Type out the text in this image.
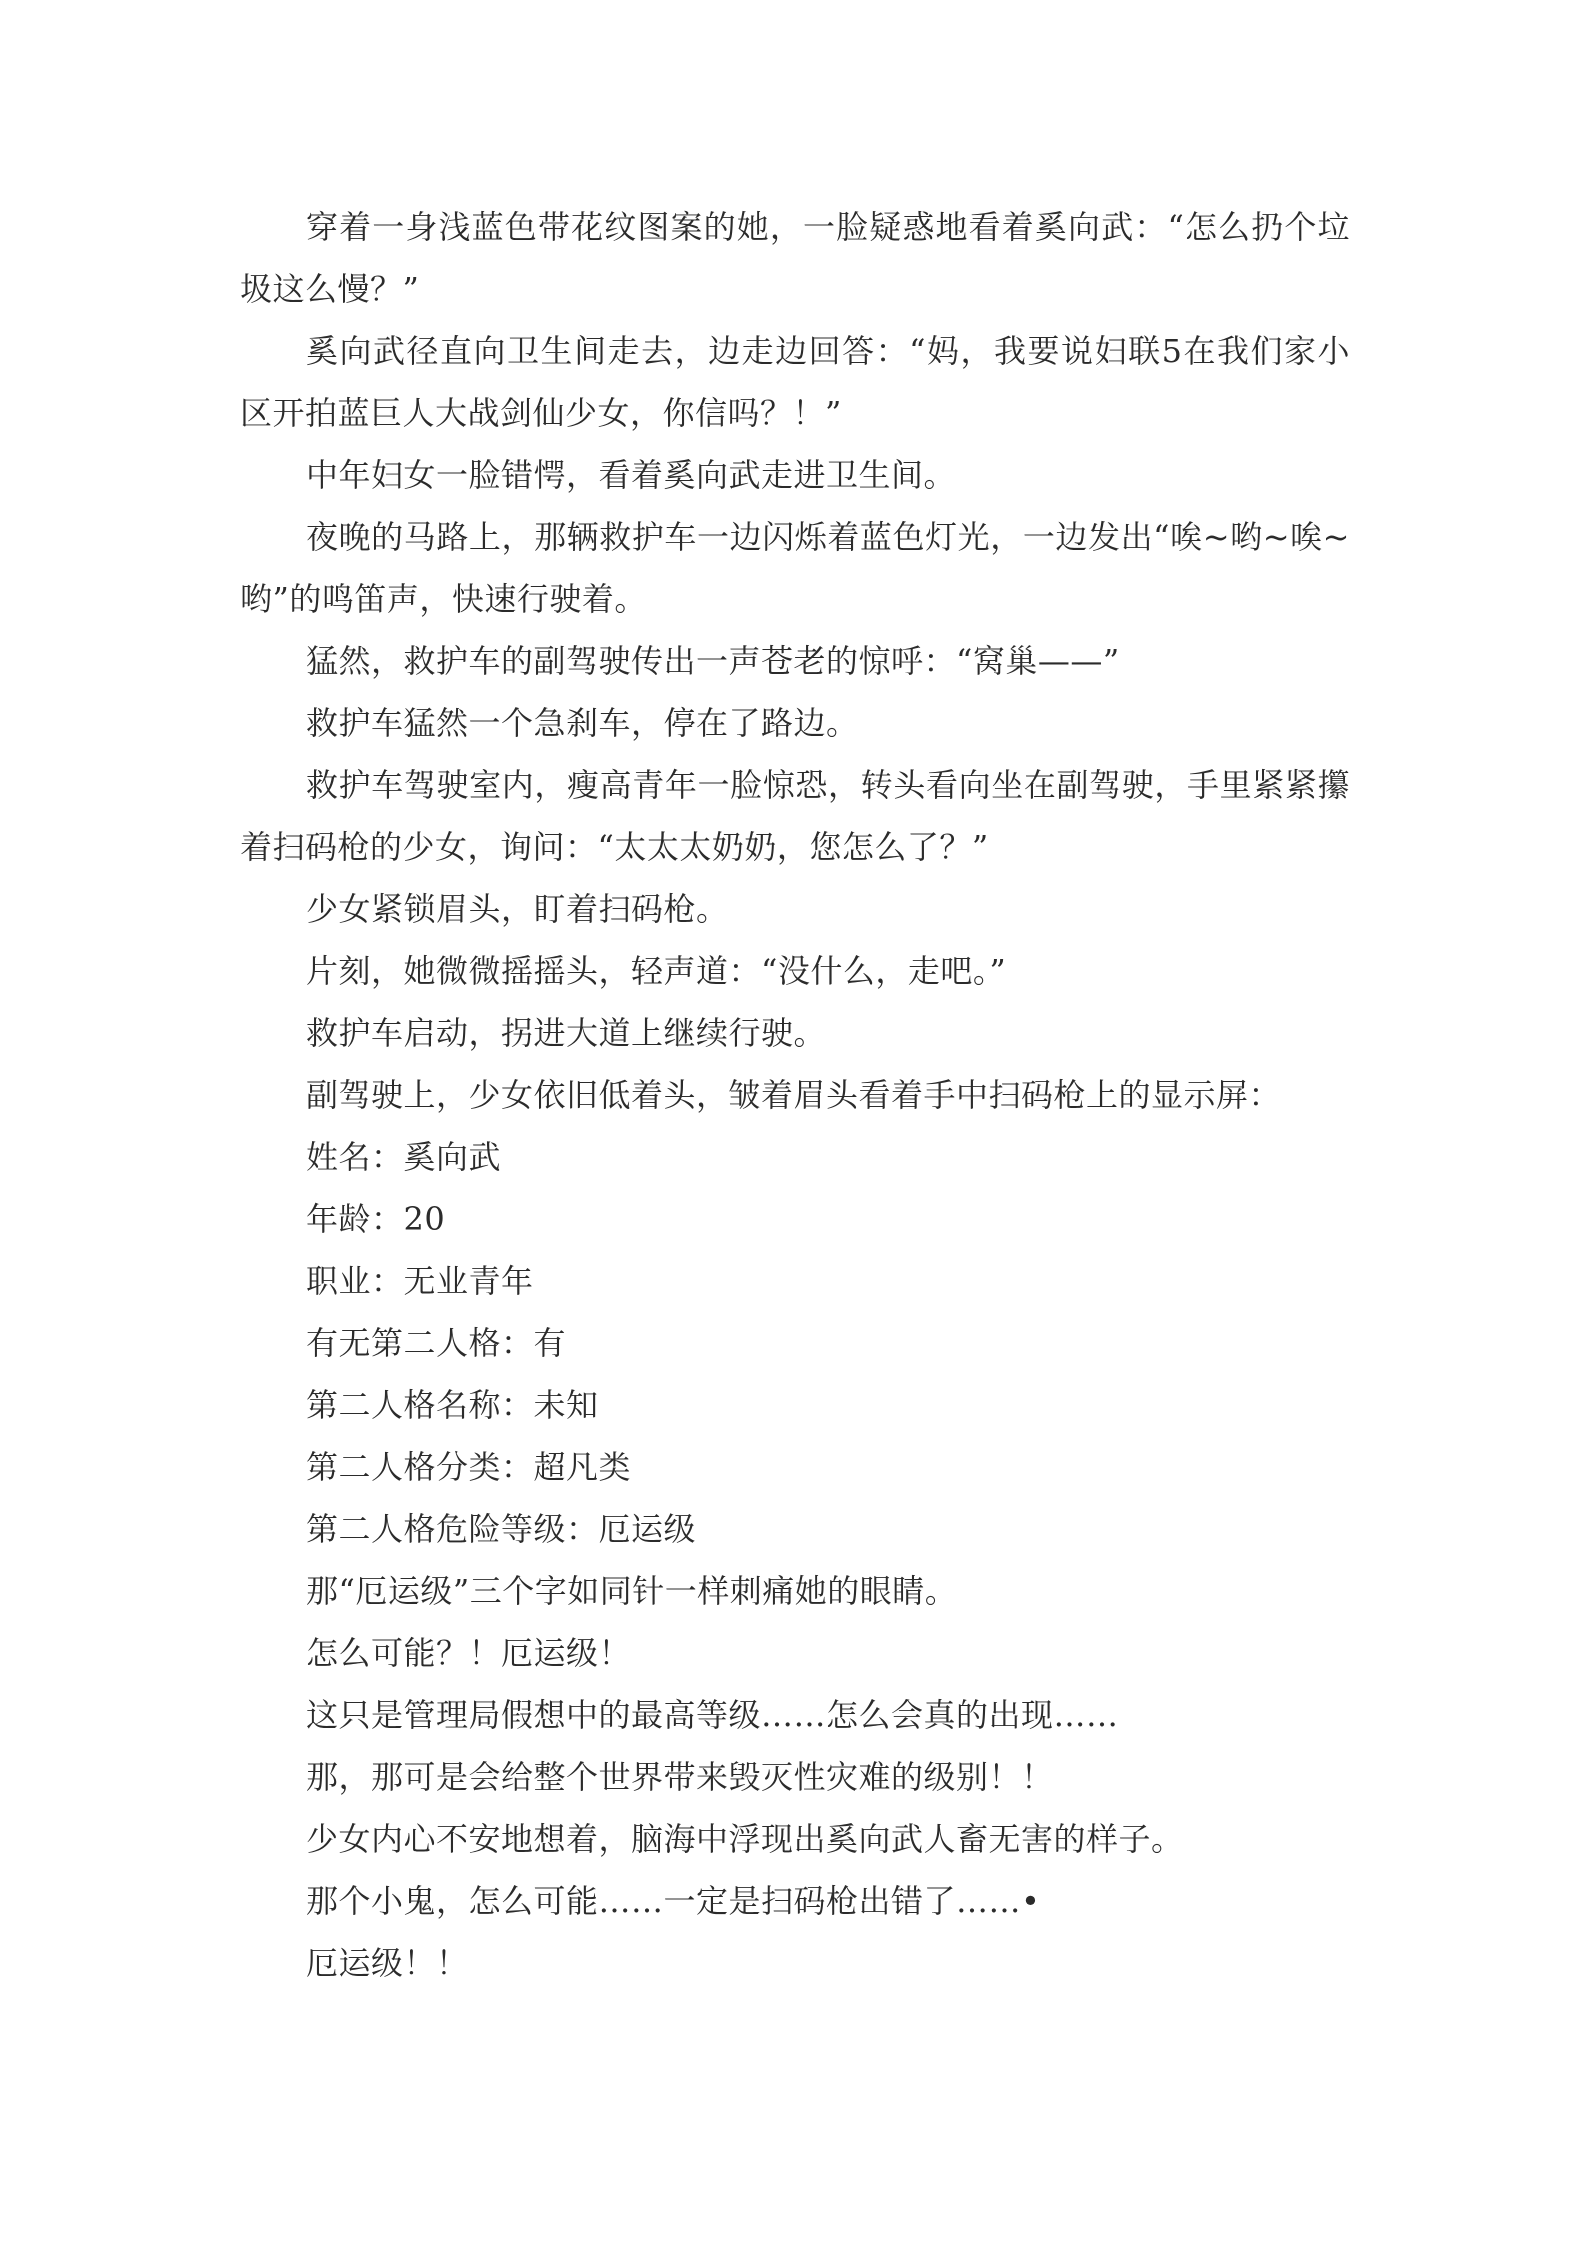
穿着一身浅蓝色带花纹图案的她，一脸疑惑地看着奚向武：“怎么扔个垃圾这么慢？”

奚向武径直向卫生间走去，边走边回答：“妈，我要说妇联5在我们家小区开拍蓝巨人大战剑仙少女，你信吗？！”

中年妇女一脸错愕，看着奚向武走进卫生间。

夜晚的马路上，那辆救护车一边闪烁着蓝色灯光，一边发出“唉~哟~唉~哟”的鸣笛声，快速行驶着。

猛然，救护车的副驾驶传出一声苍老的惊呼：“窝巢——”

救护车猛然一个急刹车，停在了路边。

救护车驾驶室内，瘦高青年一脸惊恐，转头看向坐在副驾驶，手里紧紧攥着扫码枪的少女，询问：“太太太奶奶，您怎么了？”

少女紧锁眉头，盯着扫码枪。

片刻，她微微摇摇头，轻声道：“没什么，走吧。”

救护车启动，拐进大道上继续行驶。

副驾驶上，少女依旧低着头，皱着眉头看着手中扫码枪上的显示屏：

姓名：奚向武

年龄：20

职业：无业青年

有无第二人格：有

第二人格名称：未知

第二人格分类：超凡类

第二人格危险等级：厄运级

那“厄运级”三个字如同针一样刺痛她的眼睛。

怎么可能？！厄运级！

这只是管理局假想中的最高等级……怎么会真的出现……

那，那可是会给整个世界带来毁灭性灾难的级别！！

少女内心不安地想着，脑海中浮现出奚向武人畜无害的样子。

那个小鬼，怎么可能……一定是扫码枪出错了……•

厄运级！！
